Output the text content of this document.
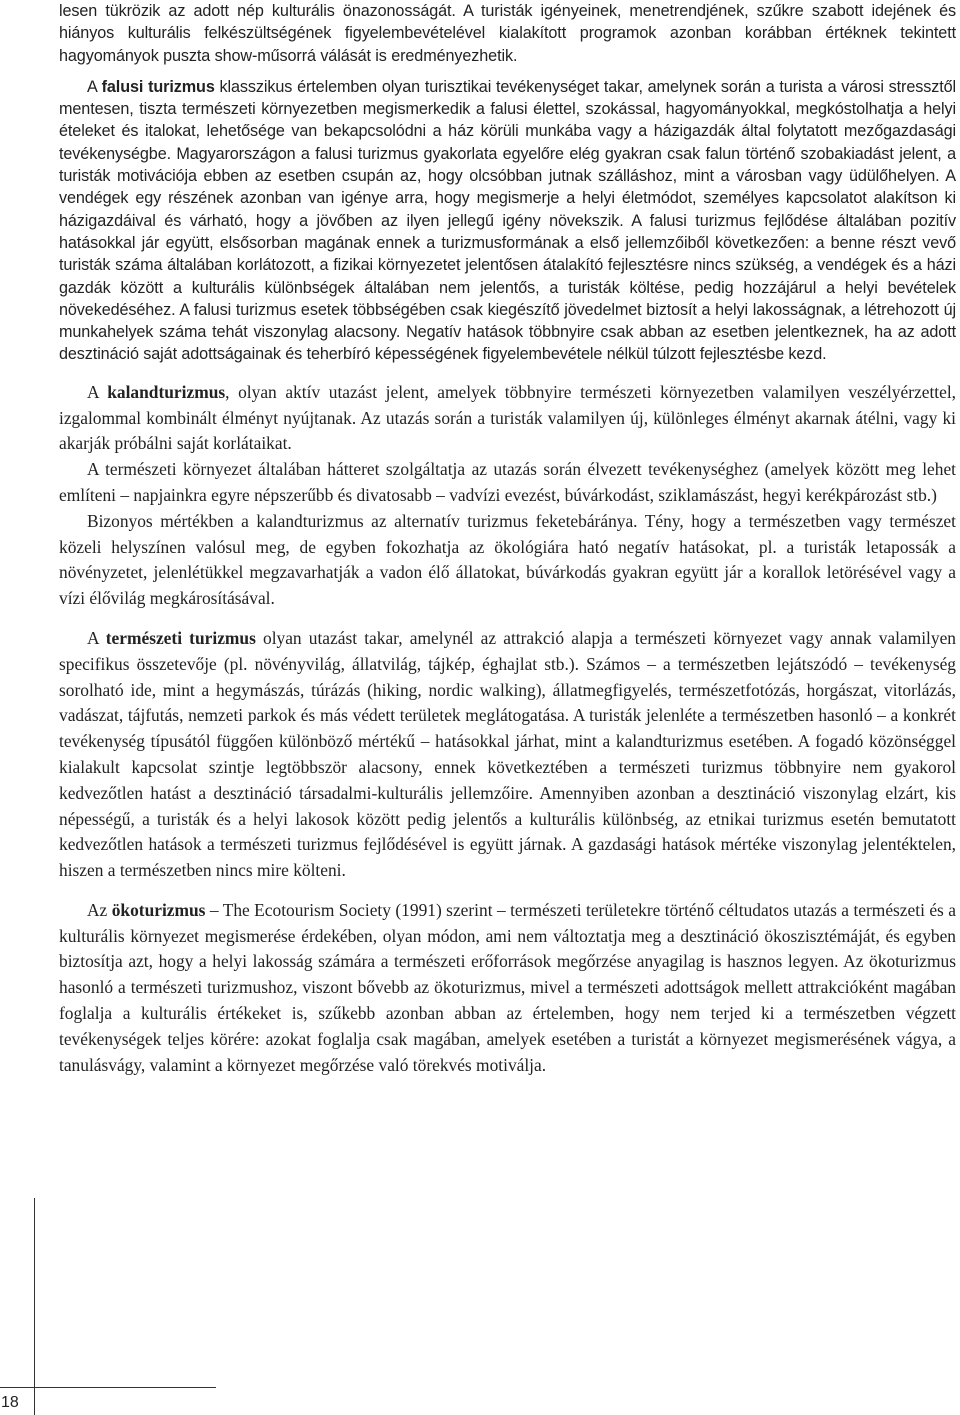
lesen tükrözik az adott nép kulturális önazonosságát. A turisták igényeinek, menetrendjének, szűkre szabott idejének és hiányos kulturális felkészültségének figyelembevételével kialakított programok azonban korábban értéknek tekintett hagyományok puszta show-műsorrá válását is eredményezhetik.

A falusi turizmus klasszikus értelemben olyan turisztikai tevékenységet takar, amelynek során a turista a városi stressztől mentesen, tiszta természeti környezetben megismerkedik a falusi élettel, szokással, hagyományokkal, megkóstolhatja a helyi ételeket és italokat, lehetősége van bekapcsolódni a ház körüli munkába vagy a házigazdák által folytatott mezőgazdasági tevékenységbe. Magyarországon a falusi turizmus gyakorlata egyelőre elég gyakran csak falun történő szobakiadást jelent, a turisták motivációja ebben az esetben csupán az, hogy olcsóbban jutnak szálláshoz, mint a városban vagy üdülőhelyen. A vendégek egy részének azonban van igénye arra, hogy megismerje a helyi életmódot, személyes kapcsolatot alakítson ki házigazdáival és várható, hogy a jövőben az ilyen jellegű igény növekszik. A falusi turizmus fejlődése általában pozitív hatásokkal jár együtt, elsősorban magának ennek a turizmusformának a első jellemzőiből következően: a benne részt vevő turisták száma általában korlátozott, a fizikai környezetet jelentősen átalakító fejlesztésre nincs szükség, a vendégek és a házi gazdák között a kulturális különbségek általában nem jelentős, a turisták költése, pedig hozzájárul a helyi bevételek növekedéséhez. A falusi turizmus esetek többségében csak kiegészítő jövedelmet biztosít a helyi lakosságnak, a létrehozott új munkahelyek száma tehát viszonylag alacsony. Negatív hatások többnyire csak abban az esetben jelentkeznek, ha az adott desztináció saját adottságainak és teherbíró képességének figyelembevétele nélkül túlzott fejlesztésbe kezd.

A kalandturizmus, olyan aktív utazást jelent, amelyek többnyire természeti környezetben valamilyen veszélyérzettel, izgalommal kombinált élményt nyújtanak. Az utazás során a turisták valamilyen új, különleges élményt akarnak átélni, vagy ki akarják próbálni saját korlátaikat.

A természeti környezet általában hátteret szolgáltatja az utazás során élvezett tevékenységhez (amelyek között meg lehet említeni – napjainkra egyre népszerűbb és divatosabb – vadvízi evezést, búvárkodást, sziklamászást, hegyi kerékpározást stb.)

Bizonyos mértékben a kalandturizmus az alternatív turizmus feketebáránya. Tény, hogy a természetben vagy természet közeli helyszínen valósul meg, de egyben fokozhatja az ökológiára ható negatív hatásokat, pl. a turisták letapossák a növényzetet, jelenlétükkel megzavarhatják a vadon élő állatokat, búvárkodás gyakran együtt jár a korallok letörésével vagy a vízi élővilág megkárosításával.

A természeti turizmus olyan utazást takar, amelynél az attrakció alapja a természeti környezet vagy annak valamilyen specifikus összetevője (pl. növényvilág, állatvilág, tájkép, éghajlat stb.). Számos – a természetben lejátszódó – tevékenység sorolható ide, mint a hegymászás, túrázás (hiking, nordic walking), állatmegfigyelés, természetfotózás, horgászat, vitorlázás, vadászat, tájfutás, nemzeti parkok és más védett területek meglátogatása. A turisták jelenléte a természetben hasonló – a konkrét tevékenység típusától függően különböző mértékű – hatásokkal járhat, mint a kalandturizmus esetében. A fogadó közönséggel kialakult kapcsolat szintje legtöbbször alacsony, ennek következtében a természeti turizmus többnyire nem gyakorol kedvezőtlen hatást a desztináció társadalmi-kulturális jellemzőire. Amennyiben azonban a desztináció viszonylag elzárt, kis népességű, a turisták és a helyi lakosok között pedig jelentős a kulturális különbség, az etnikai turizmus esetén bemutatott kedvezőtlen hatások a természeti turizmus fejlődésével is együtt járnak. A gazdasági hatások mértéke viszonylag jelentéktelen, hiszen a természetben nincs mire költeni.

Az ökoturizmus – The Ecotourism Society (1991) szerint – természeti területekre történő céltudatos utazás a természeti és a kulturális környezet megismerése érdekében, olyan módon, ami nem változtatja meg a desztináció ökoszisztémáját, és egyben biztosítja azt, hogy a helyi lakosság számára a természeti erőforrások megőrzése anyagilag is hasznos legyen. Az ökoturizmus hasonló a természeti turizmushoz, viszont bővebb az ökoturizmus, mivel a természeti adottságok mellett attrakcióként magában foglalja a kulturális értékeket is, szűkebb azonban abban az értelemben, hogy nem terjed ki a természetben végzett tevékenységek teljes körére: azokat foglalja csak magában, amelyek esetében a turistát a környezet megismerésének vágya, a tanulásvágy, valamint a környezet megőrzése való törekvés motiválja.

18
